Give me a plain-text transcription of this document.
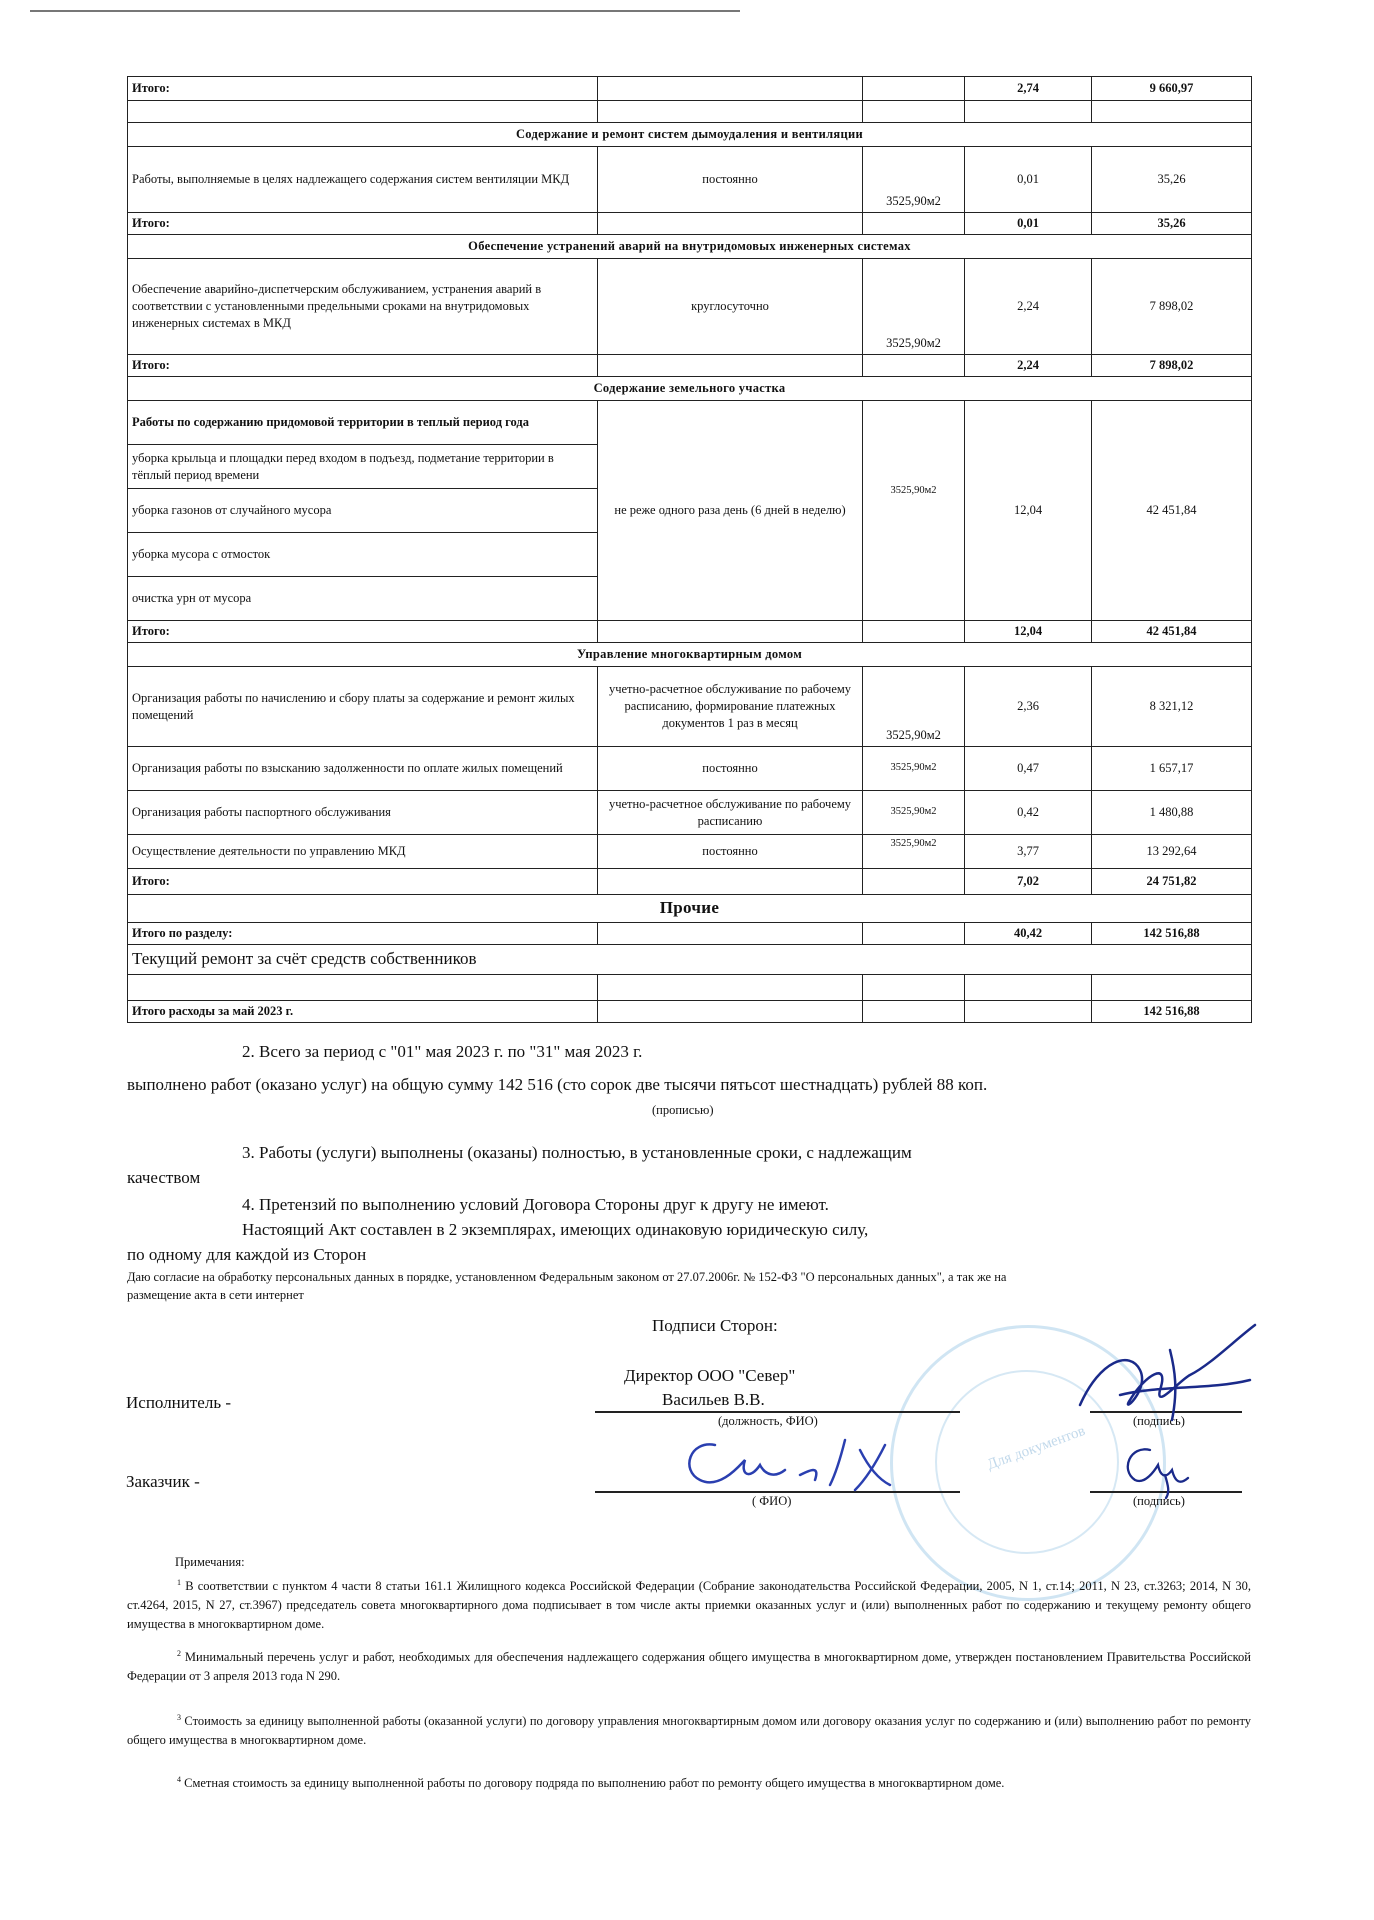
Итого:			2,74	9 660,97

Содержание и ремонт систем дымоудаления и вентиляции				
Работы, выполняемые в целях надлежащего содержания систем вентиляции МКД	постоянно	3525,90м2	0,01	35,26
Итого:			0,01	35,26
Обеспечение устранений аварий на внутридомовых инженерных системах				
Обеспечение аварийно-диспетчерским обслуживанием, устранения аварий в соответствии с установленными предельными сроками на внутридомовых инженерных системах в МКД	круглосуточно	3525,90м2	2,24	7 898,02
Итого:			2,24	7 898,02
Содержание земельного участка				
Работы по содержанию придомовой территории в теплый период года	не реже одного раза день (6 дней в неделю)	3525,90м2	12,04	42 451,84
уборка крыльца и площадки перед входом в подъезд, подметание территории в тёплый период времени				
уборка газонов от случайного мусора				
уборка мусора с отмосток				
очистка урн от мусора				
Итого:			12,04	42 451,84
Управление многоквартирным домом				
Организация работы по начислению и сбору платы за содержание и ремонт жилых помещений	учетно-расчетное обслуживание по рабочему расписанию, формирование платежных документов 1 раз в месяц	3525,90м2	2,36	8 321,12
Организация работы по взысканию задолженности по оплате жилых помещений	постоянно	3525,90м2	0,47	1 657,17
Организация работы паспортного обслуживания	учетно-расчетное обслуживание по рабочему расписанию	3525,90м2	0,42	1 480,88
Осуществление деятельности по управлению МКД	постоянно	3525,90м2	3,77	13 292,64
Итого:			7,02	24 751,82
Прочие				
Итого по разделу:			40,42	142 516,88
Текущий ремонт за счёт средств собственников				

Итого расходы за май 2023 г.				142 516,88
2. Всего за период с "01" мая 2023 г. по "31" мая 2023 г.
выполнено работ (оказано услуг) на общую сумму 142 516 (сто сорок две тысячи пятьсот шестнадцать) рублей 88 коп.
(прописью)
3. Работы (услуги) выполнены (оказаны) полностью, в установленные сроки, с надлежащим
качеством
4. Претензий по выполнению условий Договора Стороны друг к другу не имеют.
Настоящий Акт составлен в 2 экземплярах, имеющих одинаковую юридическую силу,
по одному для каждой из Сторон
Даю согласие на обработку персональных данных в порядке, установленном Федеральным законом от 27.07.2006г. № 152-ФЗ "О персональных данных", а так же на
размещение акта в сети интернет
Для документов
Подписи Сторон:
Директор ООО "Север"
Исполнитель -	Васильев В.В.
(должность, ФИО)	(подпись)
Заказчик -
( ФИО)	(подпись)
Примечания:
$^1$ В соответствии с пунктом 4 части 8 статьи 161.1 Жилищного кодекса Российской Федерации (Собрание законодательства Российской Федерации, 2005, N 1, ст.14; 2011, N 23, ст.3263; 2014, N 30, ст.4264, 2015, N 27, ст.3967) председатель совета многоквартирного дома подписывает в том числе акты приемки оказанных услуг и (или) выполненных работ по содержанию и текущему ремонту общего имущества в многоквартирном доме.
$^2$ Минимальный перечень услуг и работ, необходимых для обеспечения надлежащего содержания общего имущества в многоквартирном доме, утвержден постановлением Правительства Российской Федерации от 3 апреля 2013 года N 290.
$^3$ Стоимость за единицу выполненной работы (оказанной услуги) по договору управления многоквартирным домом или договору оказания услуг по содержанию и (или) выполнению работ по ремонту общего имущества в многоквартирном доме.
$^4$ Сметная стоимость за единицу выполненной работы по договору подряда по выполнению работ по ремонту общего имущества в многоквартирном доме.
